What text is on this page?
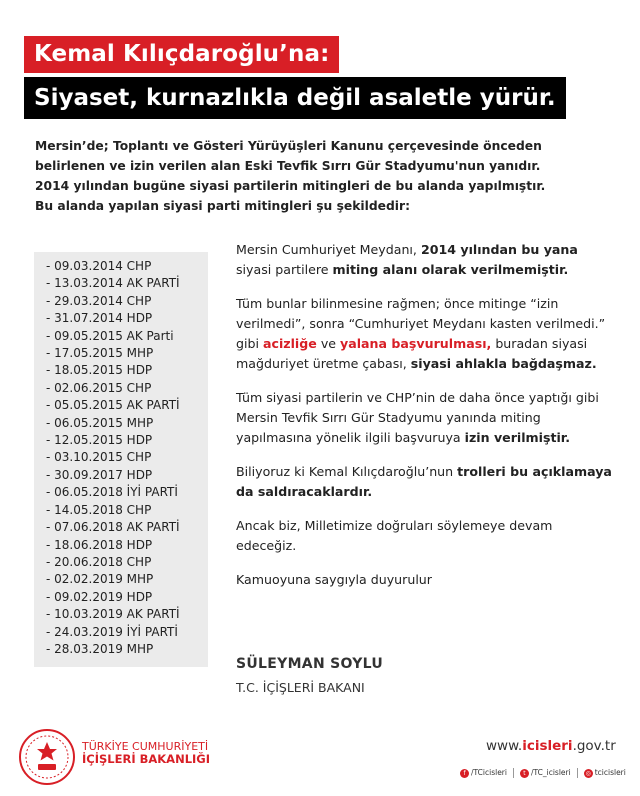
Kemal Kılıçdaroğlu’na:
Siyaset, kurnazlıkla değil asaletle yürür.

Mersin’de; Toplantı ve Gösteri Yürüyüşleri Kanunu çerçevesinde önceden

belirlenen ve izin verilen alan Eski Tevfik Sırrı Gür Stadyumu'nun yanıdır.

2014 yılından bugüne siyasi partilerin mitingleri de bu alanda yapılmıştır.

Bu alanda yapılan siyasi parti mitingleri şu şekildedir:

- 09.03.2014 CHP
- 13.03.2014 AK PARTİ
- 29.03.2014 CHP
- 31.07.2014 HDP
- 09.05.2015 AK Parti
- 17.05.2015 MHP
- 18.05.2015 HDP
- 02.06.2015 CHP
- 05.05.2015 AK PARTİ
- 06.05.2015 MHP
- 12.05.2015 HDP
- 03.10.2015 CHP
- 30.09.2017 HDP
- 06.05.2018 İYİ PARTİ
- 14.05.2018 CHP
- 07.06.2018 AK PARTİ
- 18.06.2018 HDP
- 20.06.2018 CHP
- 02.02.2019 MHP
- 09.02.2019 HDP
- 10.03.2019 AK PARTİ
- 24.03.2019 İYİ PARTİ
- 28.03.2019 MHP

Mersin Cumhuriyet Meydanı, 2014 yılından bu yana siyasi partilere miting alanı olarak verilmemiştir.

Tüm bunlar bilinmesine rağmen; önce mitinge “izin verilmedi”, sonra “Cumhuriyet Meydanı kasten verilmedi.” gibi acizliğe ve yalana başvurulması, buradan siyasi mağduriyet üretme çabası, siyasi ahlakla bağdaşmaz.

Tüm siyasi partilerin ve CHP’nin de daha önce yaptığı gibi Mersin Tevfik Sırrı Gür Stadyumu yanında miting yapılmasına yönelik ilgili başvuruya izin verilmiştir.

Biliyoruz ki Kemal Kılıçdaroğlu’nun trolleri bu açıklamaya da saldıracaklardır.

Ancak biz, Milletimize doğruları söylemeye devam edeceğiz.

Kamuoyuna saygıyla duyurulur

SÜLEYMAN SOYLU
T.C. İÇİŞLERİ BAKANI
TÜRKİYE CUMHURİYETİ
İÇİŞLERİ BAKANLIĞI
www.icisleri.gov.tr
f /TCicisleri	t /TC_icisleri ◎ tcicisleri
